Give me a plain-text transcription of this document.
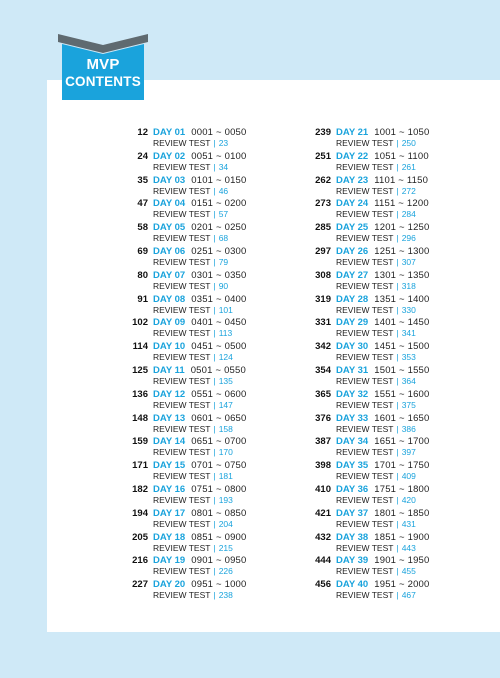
MVP
CONTENTS
12 DAY 01 0001 ~ 0050
REVIEW TEST | 23
24 DAY 02 0051 ~ 0100
REVIEW TEST | 34
35 DAY 03 0101 ~ 0150
REVIEW TEST | 46
47 DAY 04 0151 ~ 0200
REVIEW TEST | 57
58 DAY 05 0201 ~ 0250
REVIEW TEST | 68
69 DAY 06 0251 ~ 0300
REVIEW TEST | 79
80 DAY 07 0301 ~ 0350
REVIEW TEST | 90
91 DAY 08 0351 ~ 0400
REVIEW TEST | 101
102 DAY 09 0401 ~ 0450
REVIEW TEST | 113
114 DAY 10 0451 ~ 0500
REVIEW TEST | 124
125 DAY 11 0501 ~ 0550
REVIEW TEST | 135
136 DAY 12 0551 ~ 0600
REVIEW TEST | 147
148 DAY 13 0601 ~ 0650
REVIEW TEST | 158
159 DAY 14 0651 ~ 0700
REVIEW TEST | 170
171 DAY 15 0701 ~ 0750
REVIEW TEST | 181
182 DAY 16 0751 ~ 0800
REVIEW TEST | 193
194 DAY 17 0801 ~ 0850
REVIEW TEST | 204
205 DAY 18 0851 ~ 0900
REVIEW TEST | 215
216 DAY 19 0901 ~ 0950
REVIEW TEST | 226
227 DAY 20 0951 ~ 1000
REVIEW TEST | 238
239 DAY 21 1001 ~ 1050
REVIEW TEST | 250
251 DAY 22 1051 ~ 1100
REVIEW TEST | 261
262 DAY 23 1101 ~ 1150
REVIEW TEST | 272
273 DAY 24 1151 ~ 1200
REVIEW TEST | 284
285 DAY 25 1201 ~ 1250
REVIEW TEST | 296
297 DAY 26 1251 ~ 1300
REVIEW TEST | 307
308 DAY 27 1301 ~ 1350
REVIEW TEST | 318
319 DAY 28 1351 ~ 1400
REVIEW TEST | 330
331 DAY 29 1401 ~ 1450
REVIEW TEST | 341
342 DAY 30 1451 ~ 1500
REVIEW TEST | 353
354 DAY 31 1501 ~ 1550
REVIEW TEST | 364
365 DAY 32 1551 ~ 1600
REVIEW TEST | 375
376 DAY 33 1601 ~ 1650
REVIEW TEST | 386
387 DAY 34 1651 ~ 1700
REVIEW TEST | 397
398 DAY 35 1701 ~ 1750
REVIEW TEST | 409
410 DAY 36 1751 ~ 1800
REVIEW TEST | 420
421 DAY 37 1801 ~ 1850
REVIEW TEST | 431
432 DAY 38 1851 ~ 1900
REVIEW TEST | 443
444 DAY 39 1901 ~ 1950
REVIEW TEST | 455
456 DAY 40 1951 ~ 2000
REVIEW TEST | 467
